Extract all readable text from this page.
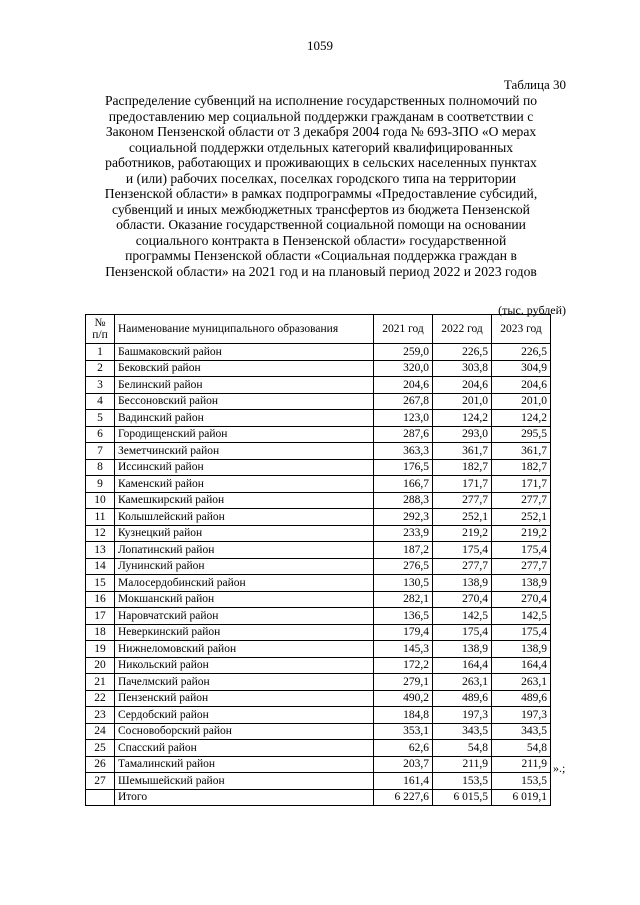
1059
Таблица 30
Распределение субвенций на исполнение государственных полномочий по
предоставлению мер социальной поддержки гражданам в соответствии с
Законом Пензенской области от 3 декабря 2004 года № 693-ЗПО «О мерах
социальной поддержки отдельных категорий квалифицированных
работников, работающих и проживающих в сельских населенных пунктах
и (или) рабочих поселках, поселках городского типа на территории
Пензенской области» в рамках подпрограммы «Предоставление субсидий,
субвенций и иных межбюджетных трансфертов из бюджета Пензенской
области. Оказание государственной социальной помощи на основании
социального контракта в Пензенской области» государственной
программы Пензенской области «Социальная поддержка граждан в
Пензенской области» на 2021 год и на плановый период 2022 и 2023 годов
(тыс. рублей)
№
п/п	Наименование муниципального образования	2021 год	2022 год	2023 год
1	Башмаковский район	259,0	226,5	226,5
2	Бековский район	320,0	303,8	304,9
3	Белинский район	204,6	204,6	204,6
4	Бессоновский район	267,8	201,0	201,0
5	Вадинский район	123,0	124,2	124,2
6	Городищенский район	287,6	293,0	295,5
7	Земетчинский район	363,3	361,7	361,7
8	Иссинский район	176,5	182,7	182,7
9	Каменский район	166,7	171,7	171,7
10	Камешкирский район	288,3	277,7	277,7
11	Колышлейский район	292,3	252,1	252,1
12	Кузнецкий район	233,9	219,2	219,2
13	Лопатинский район	187,2	175,4	175,4
14	Лунинский район	276,5	277,7	277,7
15	Малосердобинский район	130,5	138,9	138,9
16	Мокшанский район	282,1	270,4	270,4
17	Наровчатский район	136,5	142,5	142,5
18	Неверкинский район	179,4	175,4	175,4
19	Нижнеломовский район	145,3	138,9	138,9
20	Никольский район	172,2	164,4	164,4
21	Пачелмский район	279,1	263,1	263,1
22	Пензенский район	490,2	489,6	489,6
23	Сердобский район	184,8	197,3	197,3
24	Сосновоборский район	353,1	343,5	343,5
25	Спасский район	62,6	54,8	54,8
26	Тамалинский район	203,7	211,9	211,9
27	Шемышейский район	161,4	153,5	153,5
	Итого	6 227,6	6 015,5	6 019,1
».;
